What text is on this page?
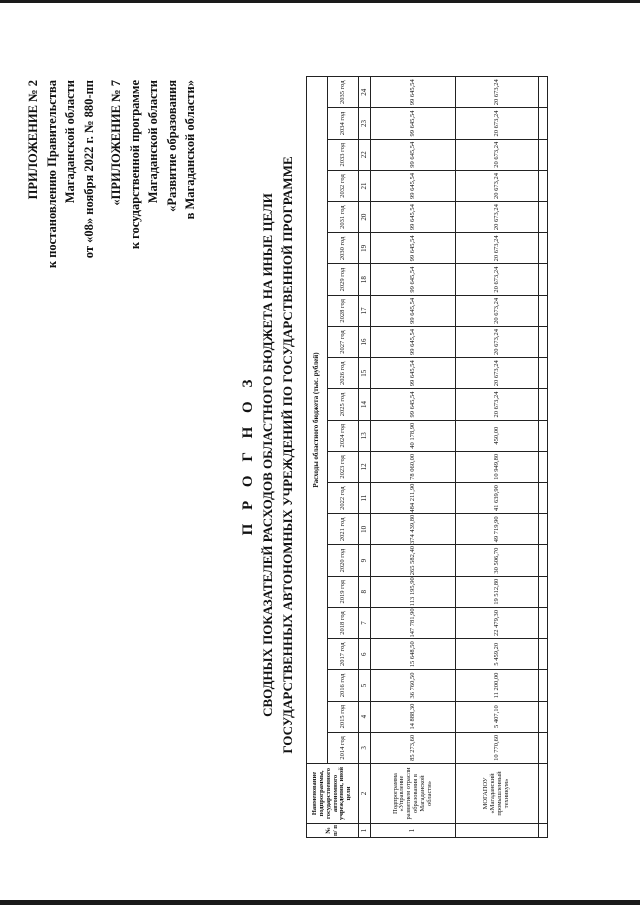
ПРИЛОЖЕНИЕ № 2 к постановлению Правительства Магаданской области от «08» ноября 2022 г. № 880-пп «ПРИЛОЖЕНИЕ № 7 к государственной программе Магаданской области «Развитие образования в Магаданской области»
П Р О Г Н О З СВОДНЫХ ПОКАЗАТЕЛЕЙ РАСХОДОВ ОБЛАСТНОГО БЮДЖЕТА НА ИНЫЕ ЦЕЛИ ГОСУДАРСТВЕННЫХ АВТОНОМНЫХ УЧРЕЖДЕНИЙ ПО ГОСУДАРСТВЕННОЙ ПРОГРАММЕ
№ п/ п	Наименование подпрограммы, государственного автономного учреждения, иной цели	Расходы областного бюджета (тыс. рублей)																					
		2014 год	2015 год	2016 год	2017 год	2018 год	2019 год	2020 год	2021 год	2022 год	2023 год	2024 год	2025 год	2026 год	2027 год	2028 год	2029 год	2030 год	2031 год	2032 год	2033 год	2034 год	2035 год
1	2	3	4	5	6	7	8	9	10	11	12	13	14	15	16	17	18	19	20	21	22	23	24
1	Подпрограмма «Управление развитием отрасли образования в Магаданской области»	85 273,60	14 888,30	36 760,50	15 648,50	147 781,90	113 195,90	265 582,40	374 439,80	484 211,90	78 060,00	40 178,90	99 645,54	99 645,54	99 645,54	99 645,54	99 645,54	99 645,54	99 645,54	99 645,54	99 645,54	99 645,54	99 645,54
	МОГАПОУ «Магаданский промышленный техникум»	10 770,60	5 407,10	11 200,00	5 459,20	22 479,30	19 512,80	30 506,70	49 719,90	41 639,90	10 949,80	450,00	20 673,24	20 673,24	20 673,24	20 673,24	20 673,24	20 673,24	20 673,24	20 673,24	20 673,24	20 673,24	20 673,24
